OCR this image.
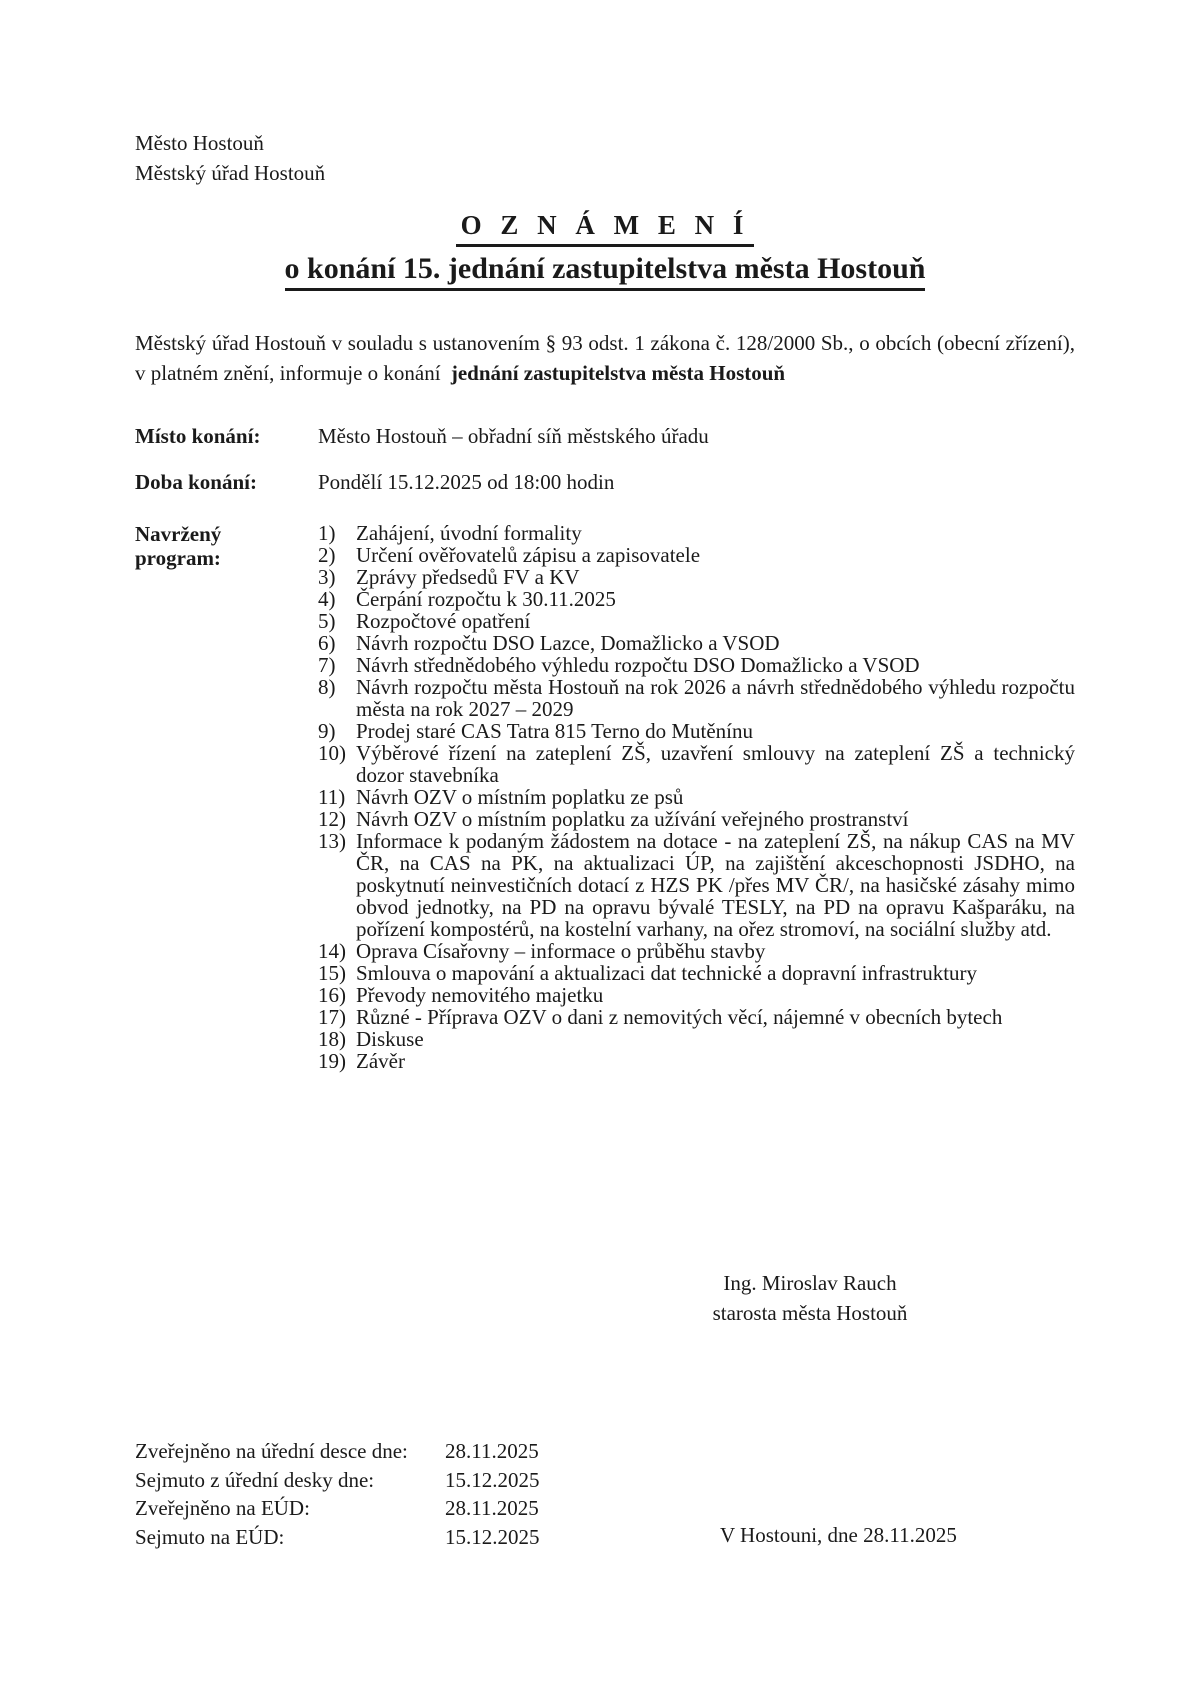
Město Hostouň
Městský úřad Hostouň
O Z N Á M E N Í
o konání 15. jednání zastupitelstva města Hostouň

Městský úřad Hostouň v souladu s ustanovením § 93 odst. 1 zákona č. 128/2000 Sb., o obcích (obecní zřízení), v platném znění, informuje o konání jednání zastupitelstva města Hostouň

Místo konání:	Město Hostouň – obřadní síň městského úřadu
Doba konání:	Pondělí 15.12.2025 od 18:00 hodin
Navržený
program:
1) Zahájení, úvodní formality
2) Určení ověřovatelů zápisu a zapisovatele
3) Zprávy předsedů FV a KV
4) Čerpání rozpočtu k 30.11.2025
5) Rozpočtové opatření
6) Návrh rozpočtu DSO Lazce, Domažlicko a VSOD
7) Návrh střednědobého výhledu rozpočtu DSO Domažlicko a VSOD
8) Návrh rozpočtu města Hostouň na rok 2026 a návrh střednědobého výhledu rozpočtu města na rok 2027 – 2029
9) Prodej staré CAS Tatra 815 Terno do Mutěnínu
10) Výběrové řízení na zateplení ZŠ, uzavření smlouvy na zateplení ZŠ a technický dozor stavebníka
11) Návrh OZV o místním poplatku ze psů
12) Návrh OZV o místním poplatku za užívání veřejného prostranství
13) Informace k podaným žádostem na dotace - na zateplení ZŠ, na nákup CAS na MV ČR, na CAS na PK, na aktualizaci ÚP, na zajištění akceschopnosti JSDHO, na poskytnutí neinvestičních dotací z HZS PK /přes MV ČR/, na hasičské zásahy mimo obvod jednotky, na PD na opravu bývalé TESLY, na PD na opravu Kašparáku, na pořízení kompostérů, na kostelní varhany, na ořez stromoví, na sociální služby atd.
14) Oprava Císařovny – informace o průběhu stavby
15) Smlouva o mapování a aktualizaci dat technické a dopravní infrastruktury
16) Převody nemovitého majetku
17) Různé - Příprava OZV o dani z nemovitých věcí, nájemné v obecních bytech
18) Diskuse
19) Závěr
Ing. Miroslav Rauch
starosta města Hostouň
Zveřejněno na úřední desce dne:	28.11.2025
Sejmuto z úřední desky dne:	15.12.2025
Zveřejněno na EÚD:	28.11.2025
Sejmuto na EÚD:	15.12.2025	V Hostouni, dne 28.11.2025
